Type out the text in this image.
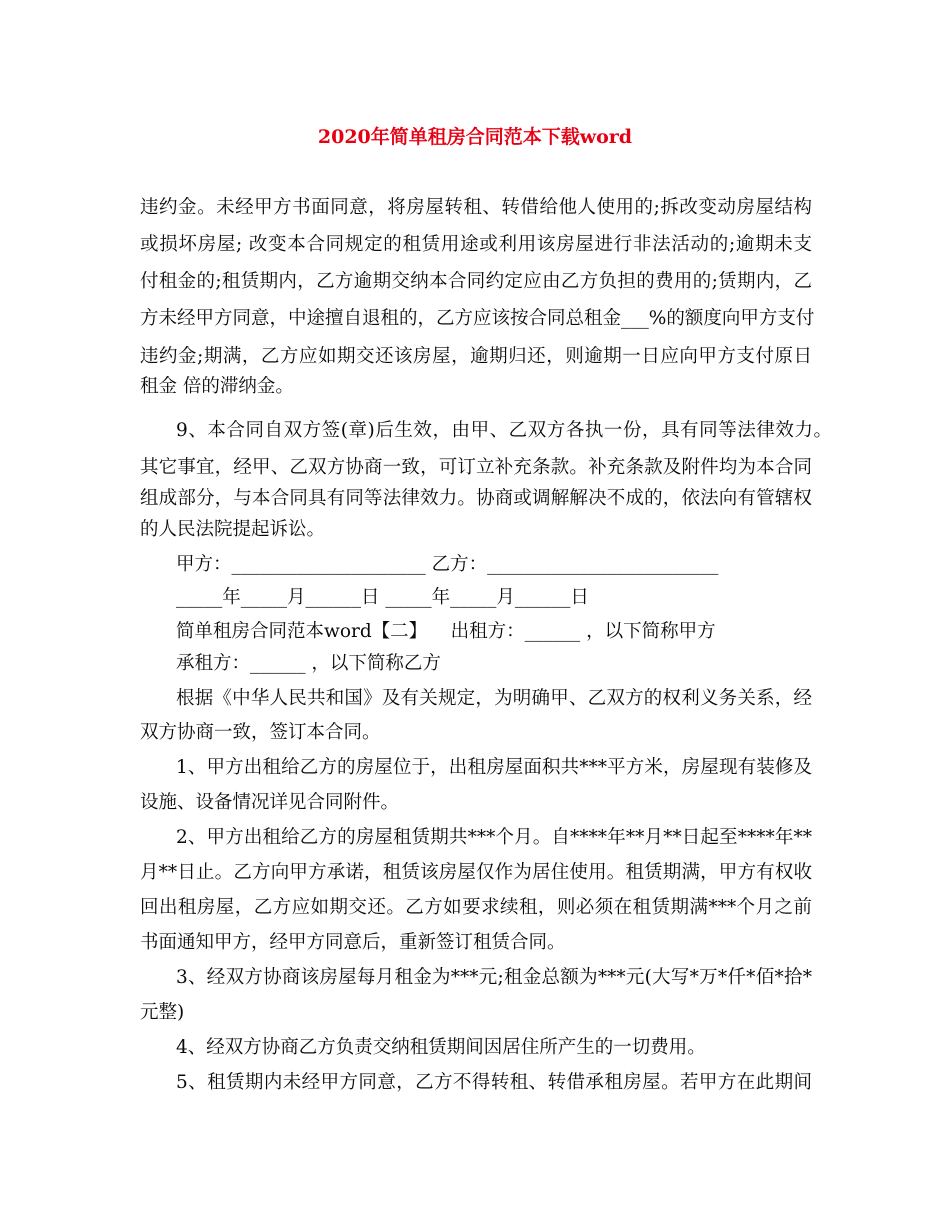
2020年简单租房合同范本下载word
违约金。未经甲方书面同意，将房屋转租、转借给他人使用的;拆改变动房屋结构
或损坏房屋; 改变本合同规定的租赁用途或利用该房屋进行非法活动的;逾期未支
付租金的;租赁期内，乙方逾期交纳本合同约定应由乙方负担的费用的;赁期内，乙
方未经甲方同意，中途擅自退租的，乙方应该按合同总租金___%的额度向甲方支付
违约金;期满，乙方应如期交还该房屋，逾期归还，则逾期一日应向甲方支付原日
租金 倍的滞纳金。
9、本合同自双方签(章)后生效，由甲、乙双方各执一份，具有同等法律效力。
其它事宜，经甲、乙双方协商一致，可订立补充条款。补充条款及附件均为本合同
组成部分，与本合同具有同等法律效力。协商或调解解决不成的，依法向有管辖权
的人民法院提起诉讼。
甲方：_____________________ 乙方：_________________________
_____年_____月______日 _____年_____月______日
简单租房合同范本word【二】    出租方：______ ，以下简称甲方
承租方：______ ，以下简称乙方
根据《中华人民共和国》及有关规定，为明确甲、乙双方的权利义务关系，经
双方协商一致，签订本合同。
1、甲方出租给乙方的房屋位于，出租房屋面积共***平方米，房屋现有装修及
设施、设备情况详见合同附件。
2、甲方出租给乙方的房屋租赁期共***个月。自****年**月**日起至****年**
月**日止。乙方向甲方承诺，租赁该房屋仅作为居住使用。租赁期满，甲方有权收
回出租房屋，乙方应如期交还。乙方如要求续租，则必须在租赁期满***个月之前
书面通知甲方，经甲方同意后，重新签订租赁合同。
3、经双方协商该房屋每月租金为***元;租金总额为***元(大写*万*仟*佰*拾*
元整)
4、经双方协商乙方负责交纳租赁期间因居住所产生的一切费用。
5、租赁期内未经甲方同意，乙方不得转租、转借承租房屋。若甲方在此期间
